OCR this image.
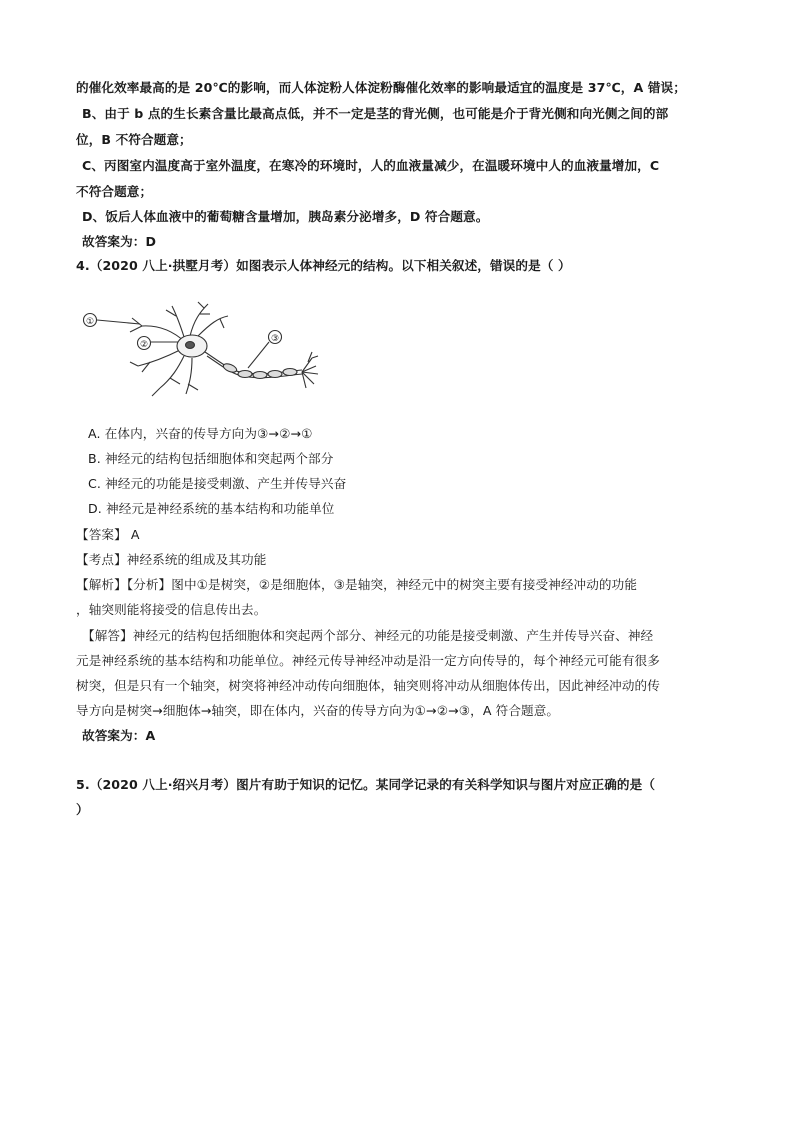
的催化效率最高的是 20℃的影响，而人体淀粉人体淀粉酶催化效率的影响最适宜的温度是 37℃，A 错误；
B、由于 b 点的生长素含量比最高点低，并不一定是茎的背光侧，也可能是介于背光侧和向光侧之间的部
位，B 不符合题意；
C、丙图室内温度高于室外温度，在寒冷的环境时，人的血液量减少，在温暖环境中人的血液量增加，C
不符合题意；
D、饭后人体血液中的葡萄糖含量增加，胰岛素分泌增多，D 符合题意。
故答案为：D
4.（2020 八上·拱墅月考）如图表示人体神经元的结构。以下相关叙述，错误的是（ ）
①
②
③
A. 在体内，兴奋的传导方向为③→②→①
B. 神经元的结构包括细胞体和突起两个部分
C. 神经元的功能是接受刺激、产生并传导兴奋
D. 神经元是神经系统的基本结构和功能单位
【答案】 A
【考点】神经系统的组成及其功能
【解析】【分析】图中①是树突，②是细胞体，③是轴突，神经元中的树突主要有接受神经冲动的功能
，轴突则能将接受的信息传出去。
【解答】神经元的结构包括细胞体和突起两个部分、神经元的功能是接受刺激、产生并传导兴奋、神经
元是神经系统的基本结构和功能单位。神经元传导神经冲动是沿一定方向传导的，每个神经元可能有很多
树突，但是只有一个轴突，树突将神经冲动传向细胞体，轴突则将冲动从细胞体传出，因此神经冲动的传
导方向是树突→细胞体→轴突，即在体内，兴奋的传导方向为①→②→③，A 符合题意。
故答案为：A
5.（2020 八上·绍兴月考）图片有助于知识的记忆。某同学记录的有关科学知识与图片对应正确的是（
）
